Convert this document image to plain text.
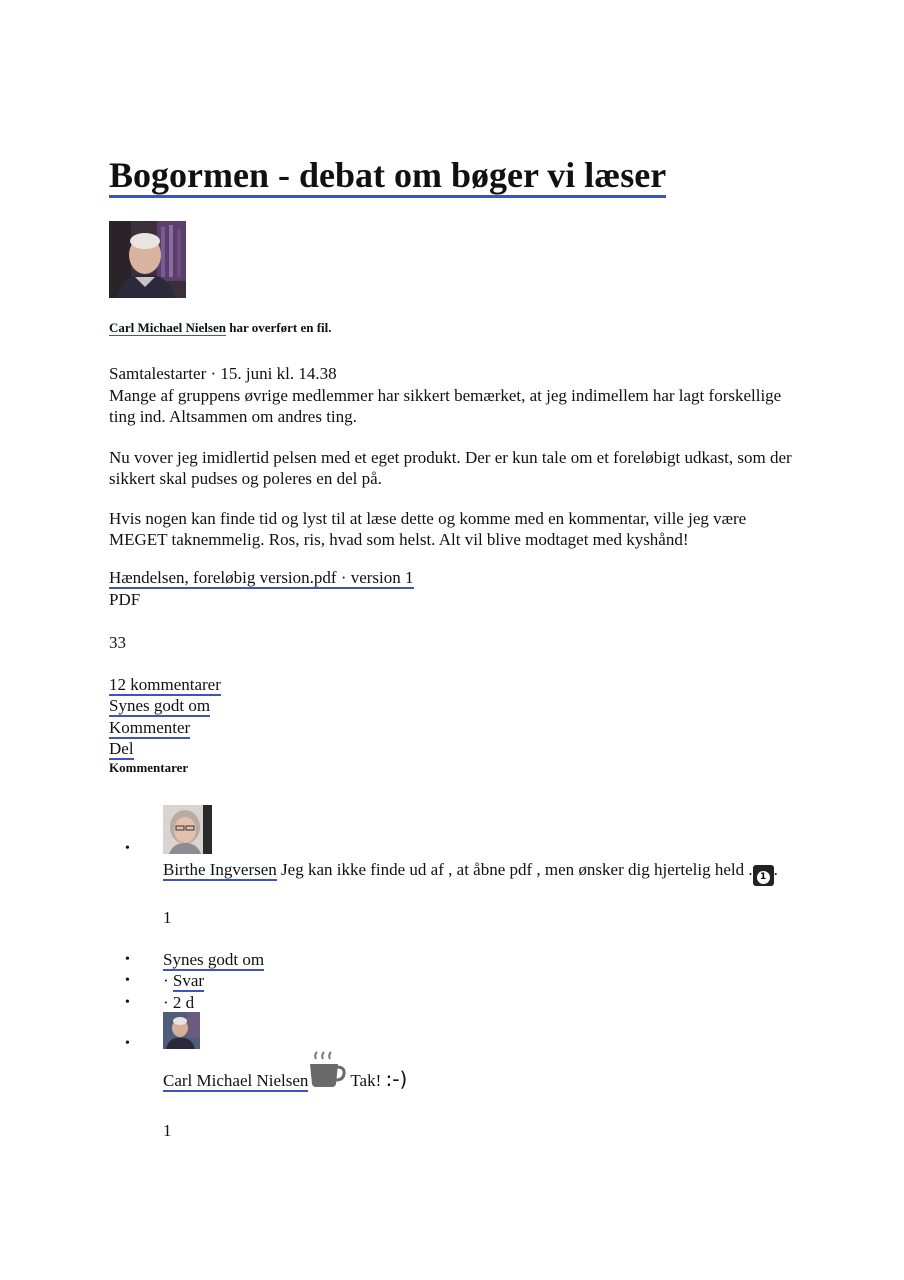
Bogormen - debat om bøger vi læser
Carl Michael Nielsen har overført en fil.
Samtalestarter · 15. juni kl. 14.38

Mange af gruppens øvrige medlemmer har sikkert bemærket, at jeg indimellem har lagt forskellige ting ind. Altsammen om andres ting.

Nu vover jeg imidlertid pelsen med et eget produkt. Der er kun tale om et foreløbigt udkast, som der sikkert skal pudses og poleres en del på.

Hvis nogen kan finde tid og lyst til at læse dette og komme med en kommentar, ville jeg være MEGET taknemmelig. Ros, ris, hvad som helst. Alt vil blive modtaget med kyshånd!

Hændelsen, foreløbig version.pdf · version 1
PDF
33
12 kommentarer
Synes godt om
Kommenter
Del
Kommentarer
•
Birthe Ingversen Jeg kan ikke finde ud af , at åbne pdf , men ønsker dig hjertelig held . 1 .
1
•
•
•
Synes godt om
· Svar
· 2 d
•
Carl Michael Nielsen Tak! :-)
1
